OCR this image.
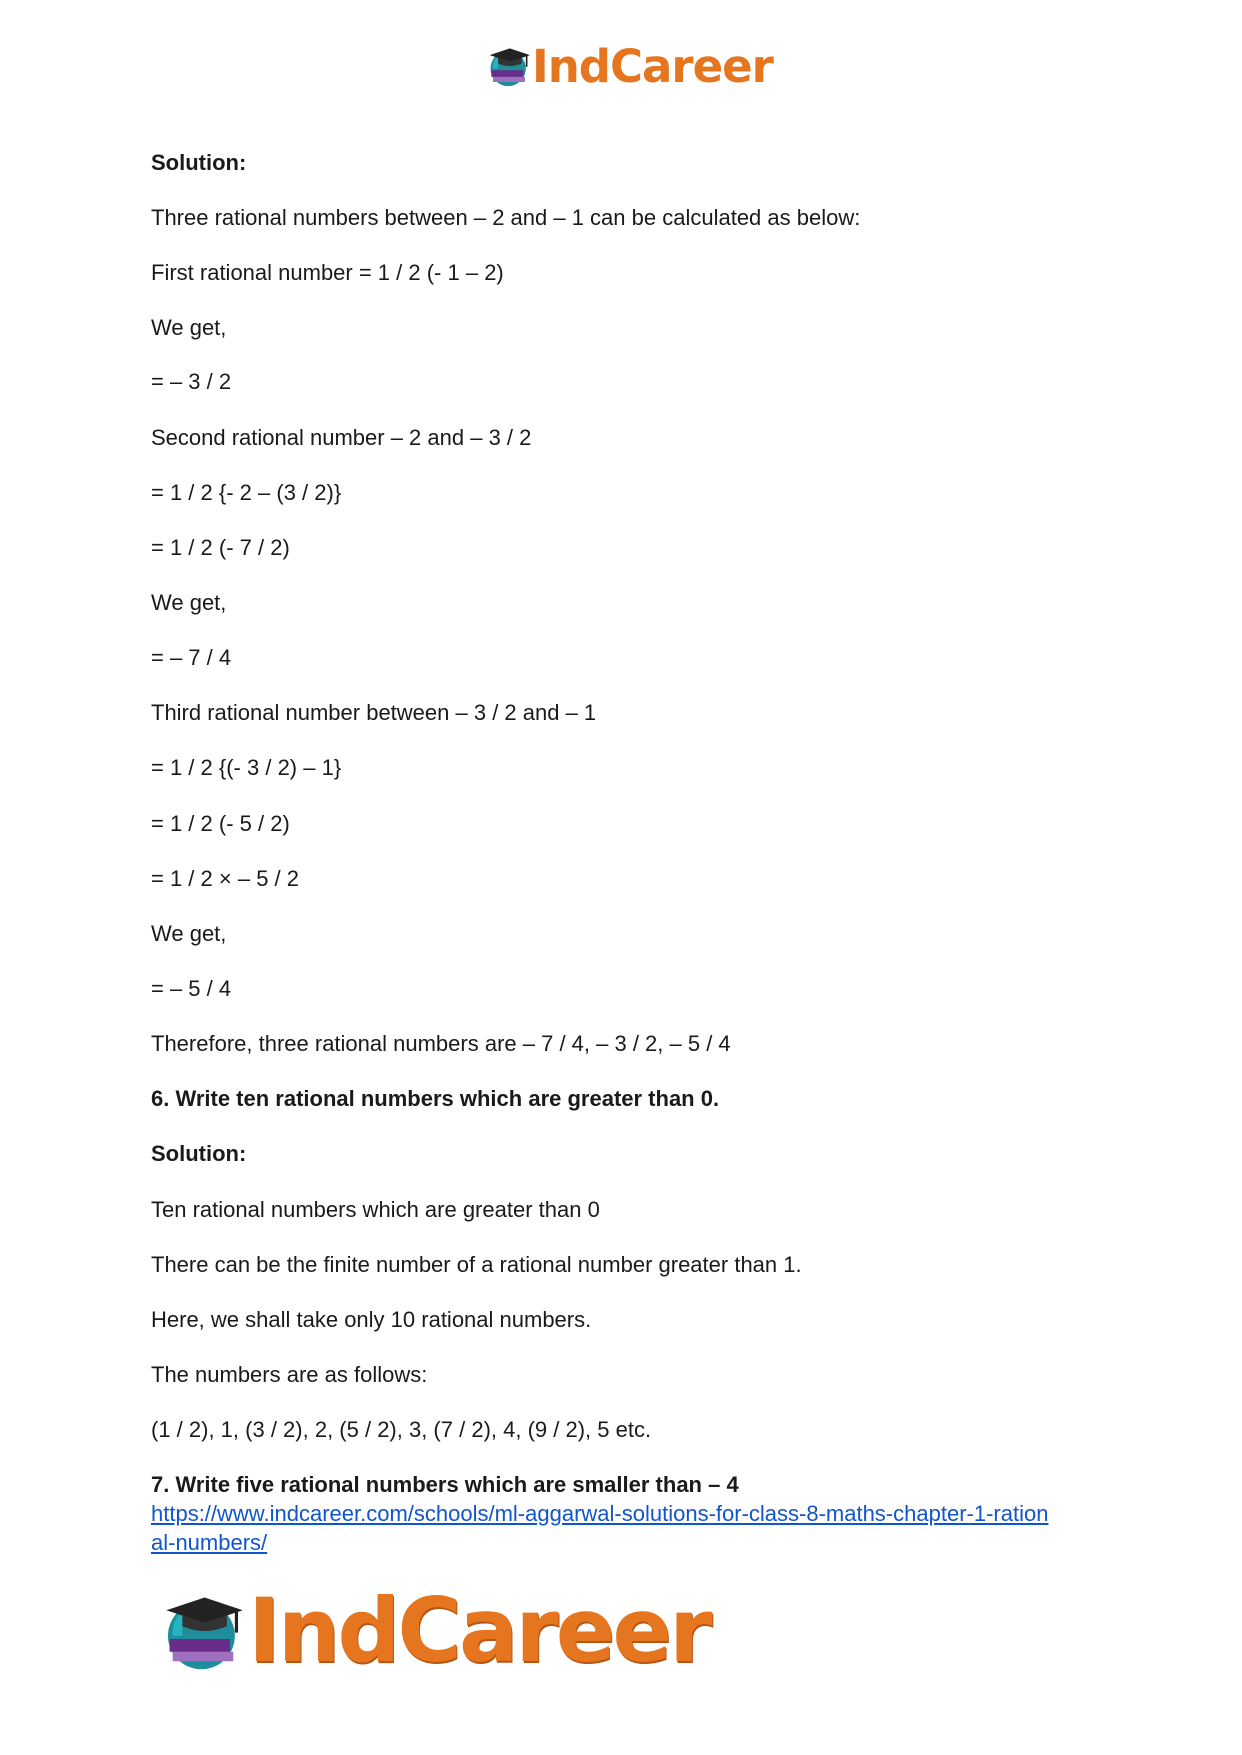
IndCareer
Solution:
Three rational numbers between – 2 and – 1 can be calculated as below:
First rational number = 1 / 2 (- 1 – 2)
We get,
= – 3 / 2
Second rational number – 2 and – 3 / 2
= 1 / 2 {- 2 – (3 / 2)}
= 1 / 2 (- 7 / 2)
We get,
= – 7 / 4
Third rational number between – 3 / 2 and – 1
= 1 / 2 {(- 3 / 2) – 1}
= 1 / 2 (- 5 / 2)
= 1 / 2 × – 5 / 2
We get,
= – 5 / 4
Therefore, three rational numbers are – 7 / 4, – 3 / 2, – 5 / 4
6. Write ten rational numbers which are greater than 0.
Solution:
Ten rational numbers which are greater than 0
There can be the finite number of a rational number greater than 1.
Here, we shall take only 10 rational numbers.
The numbers are as follows:
(1 / 2), 1, (3 / 2), 2, (5 / 2), 3, (7 / 2), 4, (9 / 2), 5 etc.
7. Write five rational numbers which are smaller than – 4
https://www.indcareer.com/schools/ml-aggarwal-solutions-for-class-8-maths-chapter-1-ration
al-numbers/
IndCareer
